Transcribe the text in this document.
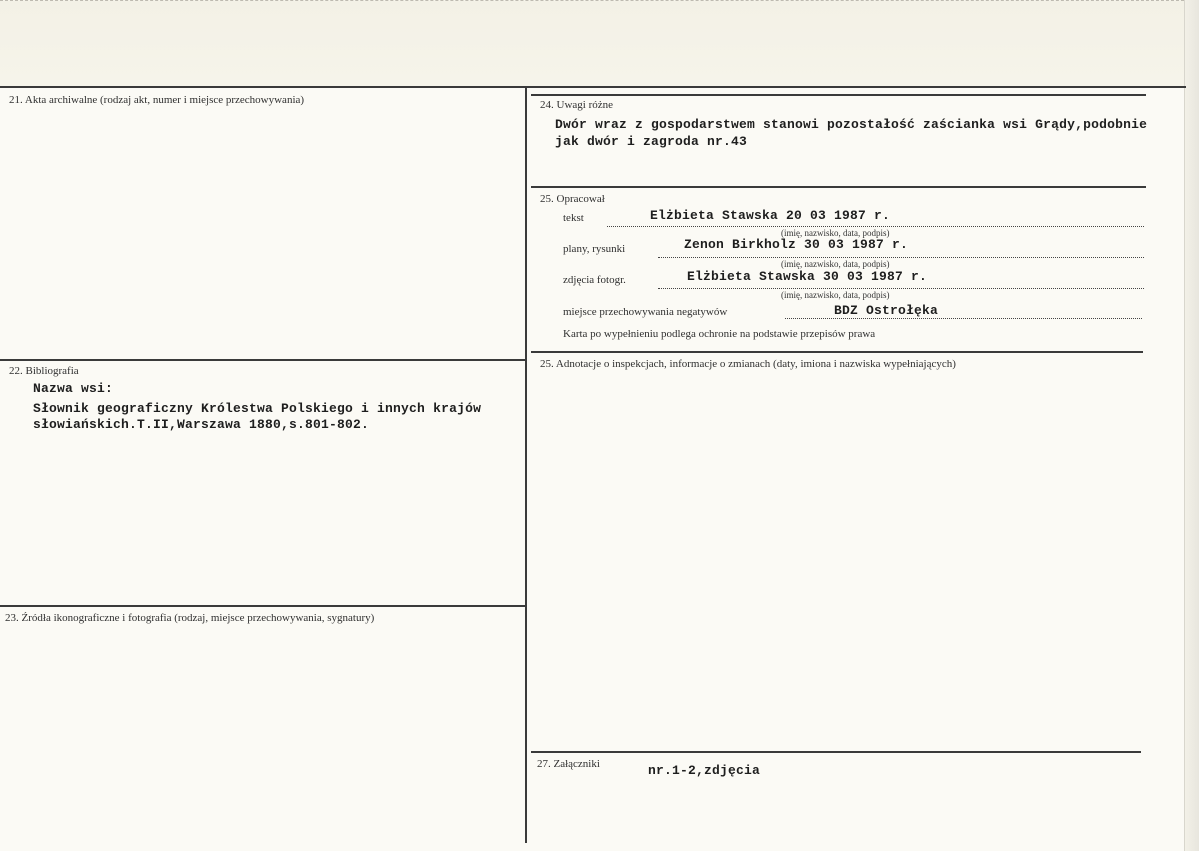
21. Akta archiwalne (rodzaj akt, numer i miejsce przechowywania)
22. Bibliografia
Nazwa wsi:
Słownik geograficzny Królestwa Polskiego i innych krajów
słowiańskich.T.II,Warszawa 1880,s.801-802.
23. Źródła ikonograficzne i fotografia (rodzaj, miejsce przechowywania, sygnatury)
24. Uwagi różne
Dwór wraz z gospodarstwem stanowi pozostałość zaścianka wsi Grądy,podobnie
jak dwór i zagroda nr.43
25. Opracował
tekst	Elżbieta Stawska 20 03 1987 r.
(imię, nazwisko, data, podpis)
plany, rysunki	Zenon Birkholz 30 03 1987 r.
(imię, nazwisko, data, podpis)
zdjęcia fotogr.	Elżbieta Stawska 30 03 1987 r.
(imię, nazwisko, data, podpis)
miejsce przechowywania negatywów	BDZ Ostrołęka
Karta po wypełnieniu podlega ochronie na podstawie przepisów prawa
25. Adnotacje o inspekcjach, informacje o zmianach (daty, imiona i nazwiska wypełniających)
27. Załączniki	nr.1-2,zdjęcia
